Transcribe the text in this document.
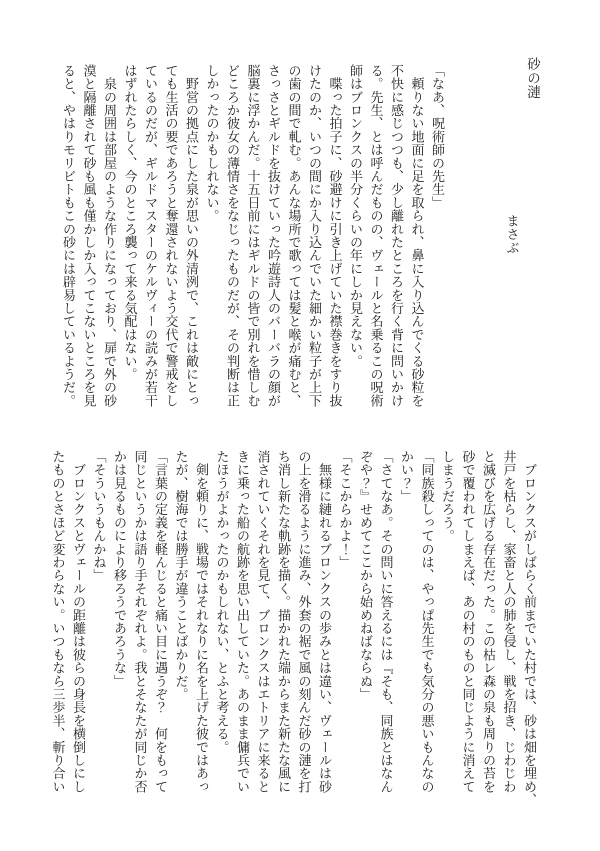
砂の漣
まさぶ

「なあ、呪術師の先生」

　頼りない地面に足を取られ、鼻に入り込んでくる砂粒を

不快に感じつつも、少し離れたところを行く背に問いかけ

る。先生、とは呼んだものの、ヴェールと名乗るこの呪術

師はブロンクスの半分くらいの年にしか見えない。

　喋った拍子に、砂避けに引き上げていた襟巻きをすり抜

けたのか、いつの間にか入り込んでいた細かい粒子が上下

の歯の間で軋む。あんな場所で歌っては髪と喉が痛むと、

さっさとギルドを抜けていった吟遊詩人のバーバラの顔が

脳裏に浮かんだ。十五日前にはギルドの皆で別れを惜しむ

どころか彼女の薄情さをなじったものだが、その判断は正

しかったのかもしれない。

　野営の拠点にした泉が思いの外清洌で、これは敵にとっ

ても生活の要であろうと奪還されないよう交代で警戒をし

ているのだが、ギルドマスターのケルヴィーの読みが若干

はずれたらしく、今のところ襲って来る気配はない。

　泉の周囲は部屋のような作りになっており、扉で外の砂

漠と隔離されて砂も風も僅かしか入ってこないところを見

ると、やはりモリビトもこの砂には辟易しているようだ。

　ブロンクスがしばらく前までいた村では、砂は畑を埋め、

井戸を枯らし、家畜と人の肺を侵し、戦を招き、じわじわ

と滅びを広げる存在だった。この枯レ森の泉も周りの苔を

砂で覆われてしまえば、あの村のものと同じように消えて

しまうだろう。

「同族殺しってのは、やっぱ先生でも気分の悪いもんなの

かい？」

「さてなあ。その問いに答えるには『そも、同族とはなん

ぞや？』せめてここから始めねばならぬ」

「そこからかよ！」

　無様に縺れるブロンクスの歩みとは違い、ヴェールは砂

の上を滑るように進み、外套の裾で風の刻んだ砂の漣を打

ち消し新たな軌跡を描く。描かれた端からまた新たな風に

消されていくそれを見て、ブロンクスはエトリアに来ると

きに乗った船の航跡を思い出していた。あのまま傭兵でい

たほうがよかったのかもしれない、とふと考える。

　剣を頼りに、戦場ではそれなりに名を上げた彼ではあっ

たが、樹海では勝手が違うことばかりだ。

「言葉の定義を軽んじると痛い目に遇うぞ？　何をもって

同じというかは語り手それぞれよ。我とそなたが同じか否

かは見るものにより移ろうであろうな」

「そういうもんかね」

　ブロンクスとヴェールの距離は彼らの身長を横倒しにし

たものとさほど変わらない。いつもなら三歩半、斬り合い
